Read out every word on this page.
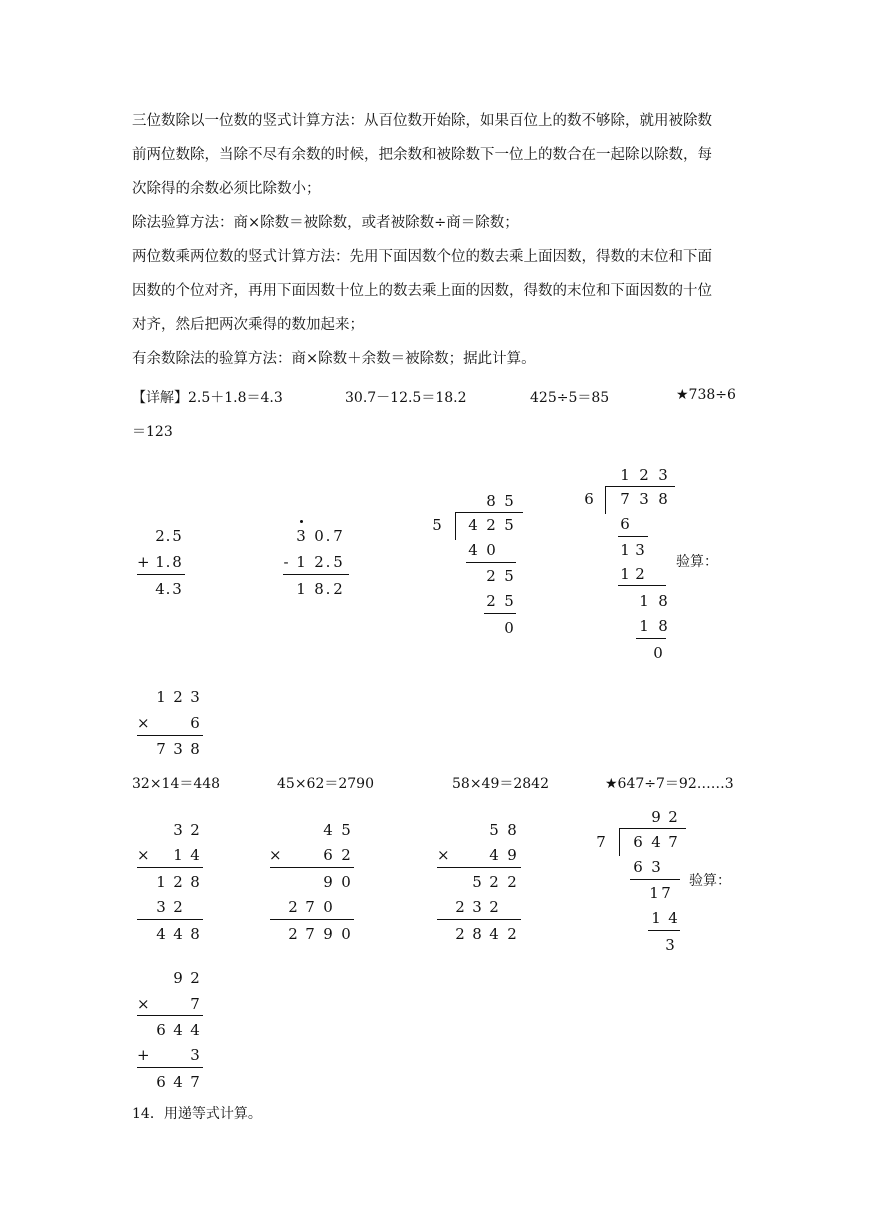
三位数除以一位数的竖式计算方法：从百位数开始除，如果百位上的数不够除，就用被除数
前两位数除，当除不尽有余数的时候，把余数和被除数下一位上的数合在一起除以除数，每
次除得的余数必须比除数小；
除法验算方法：商×除数＝被除数，或者被除数÷商＝除数；
两位数乘两位数的竖式计算方法：先用下面因数个位的数去乘上面因数，得数的末位和下面
因数的个位对齐，再用下面因数十位上的数去乘上面的因数，得数的末位和下面因数的十位
对齐，然后把两次乘得的数加起来；
有余数除法的验算方法：商×除数＋余数＝被除数；据此计算。
【详解】 2.5＋1.8＝4.3	30.7－12.5＝18.2	425÷5＝85	★738÷6
＝123
2 . 5
+ 1 . 8
4 . 3
3 0 . 7
- 1 2 . 5
1 8 . 2
8 5
5 4 2 5
4 0
2 5
2 5
0
1 2 3
6 7 3 8
6
1 3
1 2
1 8
1 8
0
验算：
1 2 3
×	6
7 3 8
32×14＝448	45×62＝2790	58×49＝2842	★647÷7＝92……3
3 2
× 1 4
1 2 8
3 2
4 4 8
4 5
×	6 2
9 0
2 7 0
2 7 9 0
5 8
×	4 9
5 2 2
2 3 2
2 8 4 2
9 2
7 6 4 7
6 3
1 7
1 4
3
验算：
9 2
×	7
6 4 4
+	3
6 4 7
14．用递等式计算。
